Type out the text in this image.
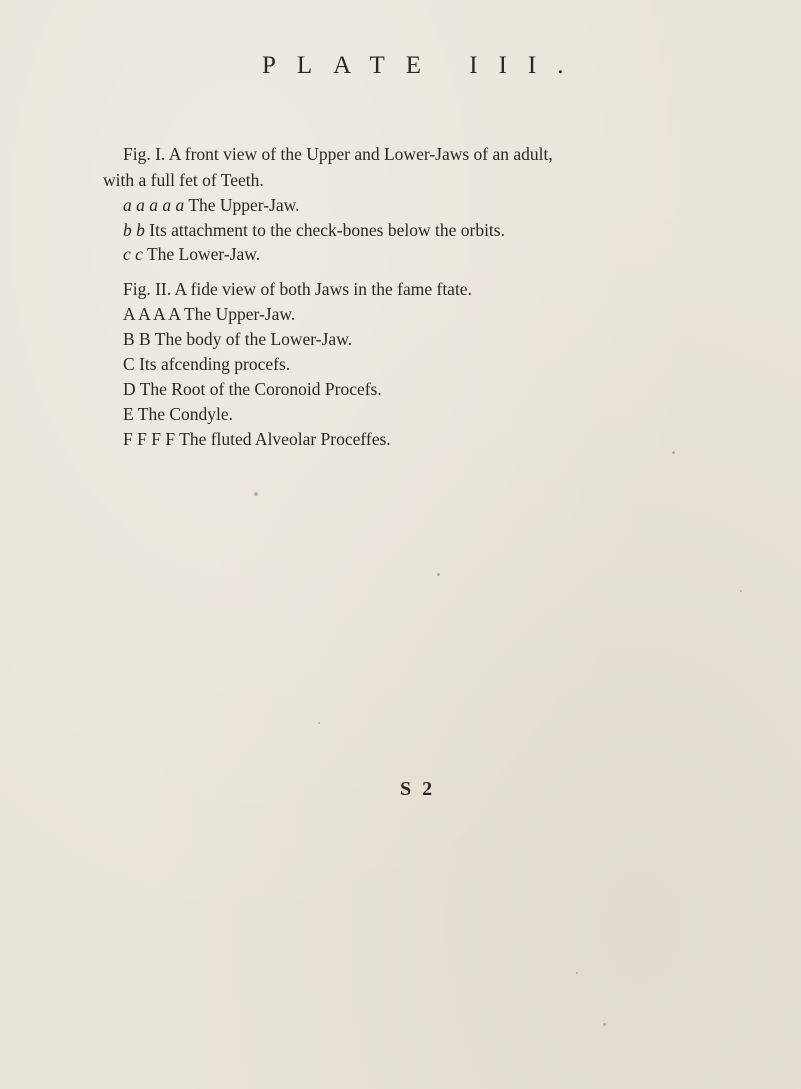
PLATE III.
Fig. I. A front view of the Upper and Lower-Jaws of an adult,
with a full fet of Teeth.
a a a a a The Upper-Jaw.
b b Its attachment to the check-bones below the orbits.
c c The Lower-Jaw.
Fig. II. A fide view of both Jaws in the fame ftate.
A A A A The Upper-Jaw.
B B The body of the Lower-Jaw.
C Its afcending procefs.
D The Root of the Coronoid Procefs.
E The Condyle.
F F F F The fluted Alveolar Proceffes.
S 2
